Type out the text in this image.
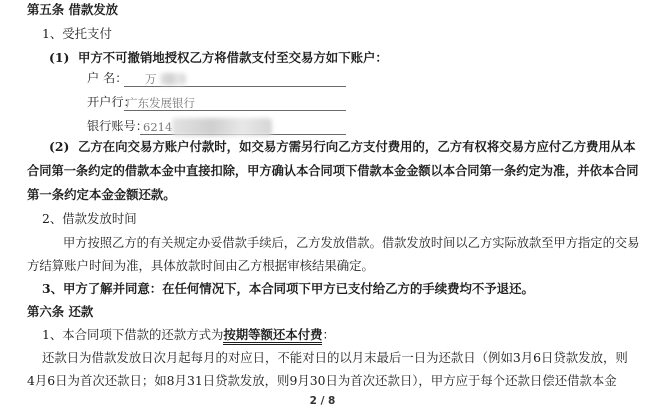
第五条 借款发放
1、受托支付
(1) 甲方不可撤销地授权乙方将借款支付至交易方如下账户：
户 名： 万
开户行：
广东发展银行
银行账号：
6214
(2) 乙方在向交易方账户付款时，如交易方需另行向乙方支付费用的，乙方有权将交易方应付乙方费用从本
合同第一条约定的借款本金中直接扣除，甲方确认本合同项下借款本金金额以本合同第一条约定为准，并依本合同
第一条约定本金金额还款。
2、借款发放时间
甲方按照乙方的有关规定办妥借款手续后，乙方发放借款。借款发放时间以乙方实际放款至甲方指定的交易
方结算账户时间为准，具体放款时间由乙方根据审核结果确定。
3、甲方了解并同意：在任何情况下，本合同项下甲方已支付给乙方的手续费均不予退还。
第六条 还款
1、本合同项下借款的还款方式为按期等额还本付费：
还款日为借款发放日次月起每月的对应日，不能对日的以月末最后一日为还款日（例如3月6日贷款发放，则
4月6日为首次还款日；如8月31日贷款发放，则9月30日为首次还款日），甲方应于每个还款日偿还借款本金
2 / 8
